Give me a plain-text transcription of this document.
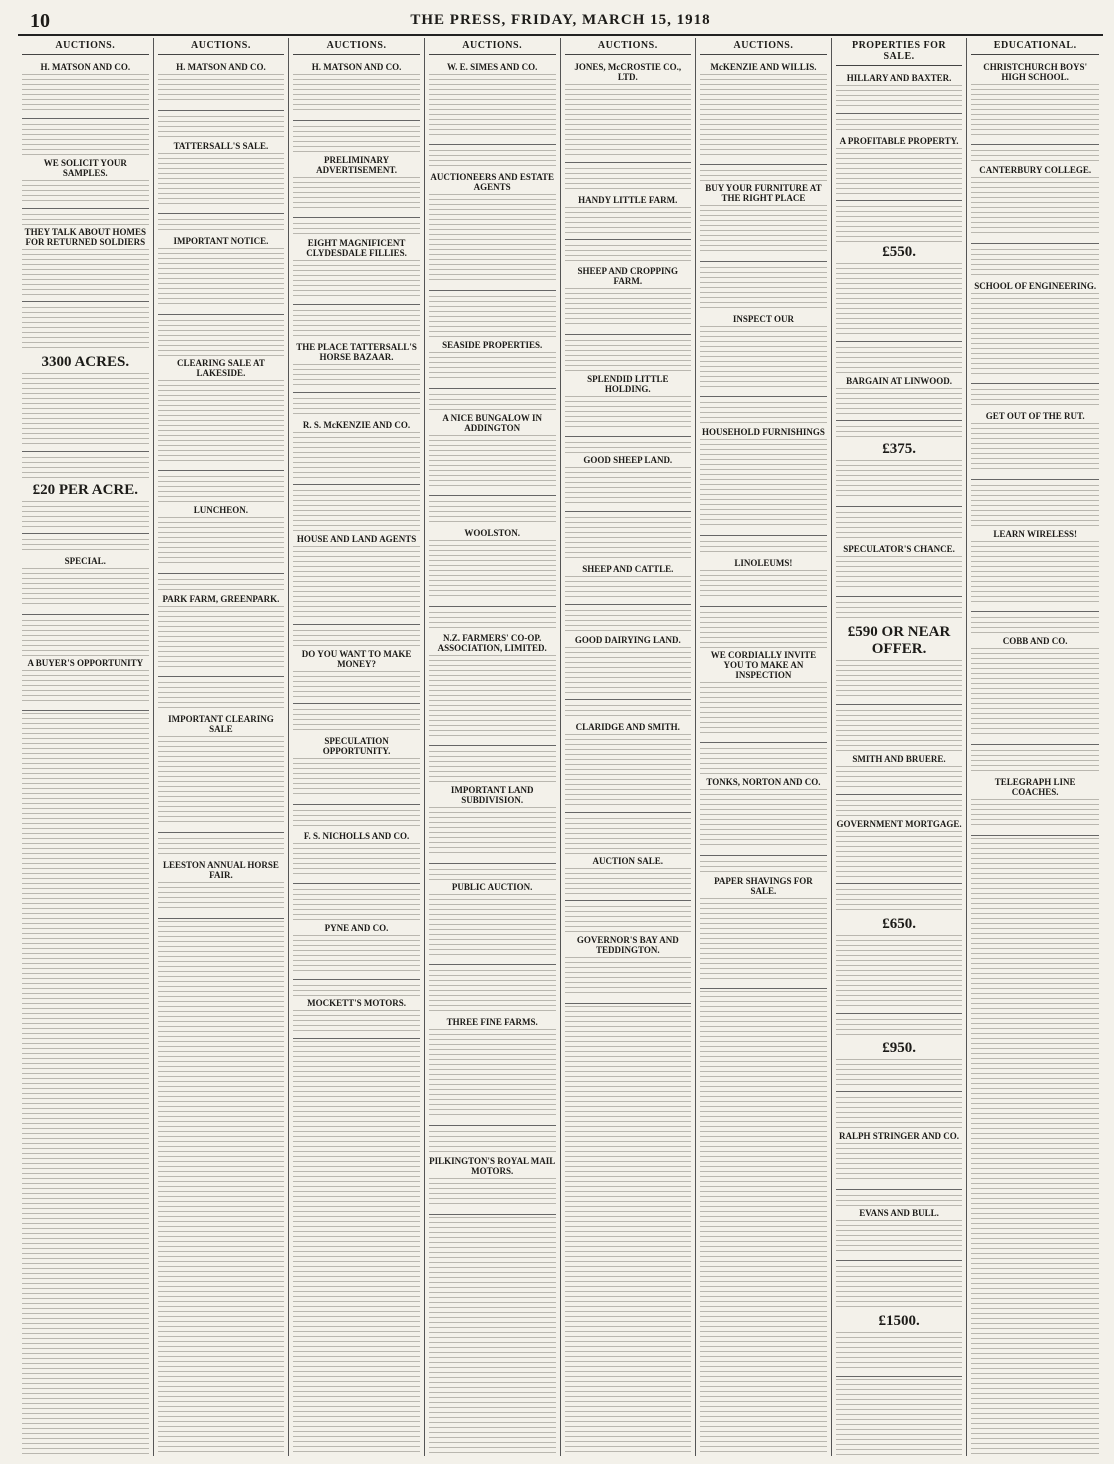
10	THE PRESS, FRIDAY, MARCH 15, 1918
AUCTIONS.
H. MATSON AND CO.
WE SOLICIT YOUR SAMPLES.
THEY TALK ABOUT HOMES FOR RETURNED SOLDIERS
3300 ACRES.
£20 PER ACRE.
SPECIAL.
A BUYER'S OPPORTUNITY
AUCTIONS.
H. MATSON AND CO.
TATTERSALL'S SALE.
IMPORTANT NOTICE.
CLEARING SALE AT LAKESIDE.
LUNCHEON.
PARK FARM, GREENPARK.
IMPORTANT CLEARING SALE
LEESTON ANNUAL HORSE FAIR.
AUCTIONS.
H. MATSON AND CO.
PRELIMINARY ADVERTISEMENT.
EIGHT MAGNIFICENT CLYDESDALE FILLIES.
THE PLACE TATTERSALL'S HORSE BAZAAR.
R. S. McKENZIE AND CO.
HOUSE AND LAND AGENTS
DO YOU WANT TO MAKE MONEY?
SPECULATION OPPORTUNITY.
F. S. NICHOLLS AND CO.
PYNE AND CO.
MOCKETT'S MOTORS.
AUCTIONS.
W. E. SIMES AND CO.
AUCTIONEERS AND ESTATE AGENTS
SEASIDE PROPERTIES.
A NICE BUNGALOW IN ADDINGTON
WOOLSTON.
N.Z. FARMERS' CO-OP. ASSOCIATION, LIMITED.
IMPORTANT LAND SUBDIVISION.
PUBLIC AUCTION.
THREE FINE FARMS.
PILKINGTON'S ROYAL MAIL MOTORS.
AUCTIONS.
JONES, McCROSTIE CO., LTD.
HANDY LITTLE FARM.
SHEEP AND CROPPING FARM.
SPLENDID LITTLE HOLDING.
GOOD SHEEP LAND.
SHEEP AND CATTLE.
GOOD DAIRYING LAND.
CLARIDGE AND SMITH.
AUCTION SALE.
GOVERNOR'S BAY AND TEDDINGTON.
AUCTIONS.
McKENZIE AND WILLIS.
BUY YOUR FURNITURE AT THE RIGHT PLACE
INSPECT OUR
HOUSEHOLD FURNISHINGS
LINOLEUMS!
WE CORDIALLY INVITE YOU TO MAKE AN INSPECTION
TONKS, NORTON AND CO.
PAPER SHAVINGS FOR SALE.
PROPERTIES FOR SALE.
HILLARY AND BAXTER.
A PROFITABLE PROPERTY.
£550.
BARGAIN AT LINWOOD.
£375.
SPECULATOR'S CHANCE.
£590 OR NEAR OFFER.
SMITH AND BRUERE.
GOVERNMENT MORTGAGE.
£650.
£950.
RALPH STRINGER AND CO.
EVANS AND BULL.
£1500.
EDUCATIONAL.
CHRISTCHURCH BOYS' HIGH SCHOOL.
CANTERBURY COLLEGE.
SCHOOL OF ENGINEERING.
GET OUT OF THE RUT.
LEARN WIRELESS!
COBB AND CO.
TELEGRAPH LINE COACHES.
